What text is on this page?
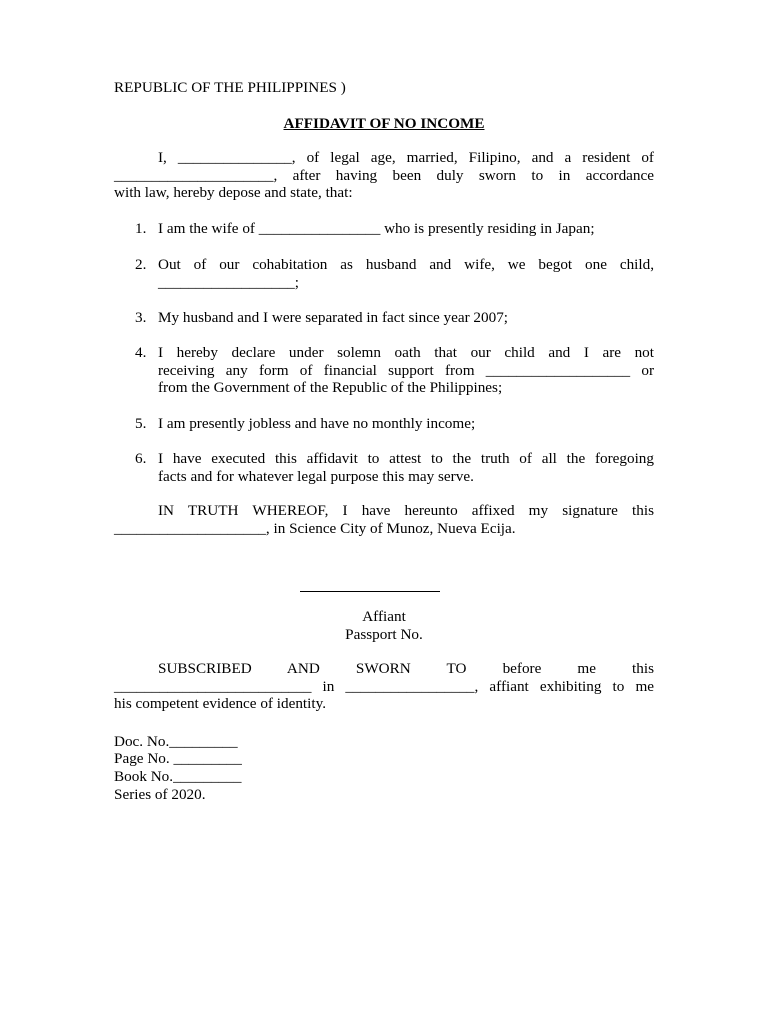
REPUBLIC OF THE PHILIPPINES )
AFFIDAVIT OF NO INCOME
I, _______________, of legal age, married, Filipino, and a resident of
_____________________, after having been duly sworn to in accordance
with law, hereby depose and state, that:
1. I am the wife of ________________ who is presently residing in Japan;
2. Out of our cohabitation as husband and wife, we begot one child,
__________________;
3. My husband and I were separated in fact since year 2007;
4. I hereby declare under solemn oath that our child and I are not
receiving any form of financial support from ___________________ or
from the Government of the Republic of the Philippines;
5. I am presently jobless and have no monthly income;
6. I have executed this affidavit to attest to the truth of all the foregoing
facts and for whatever legal purpose this may serve.
IN TRUTH WHEREOF, I have hereunto affixed my signature this
____________________, in Science City of Munoz, Nueva Ecija.
Affiant
Passport No.
SUBSCRIBED AND SWORN TO before me this
__________________________ in _________________, affiant exhibiting to me
his competent evidence of identity.
Doc. No._________
Page No. _________
Book No._________
Series of 2020.
